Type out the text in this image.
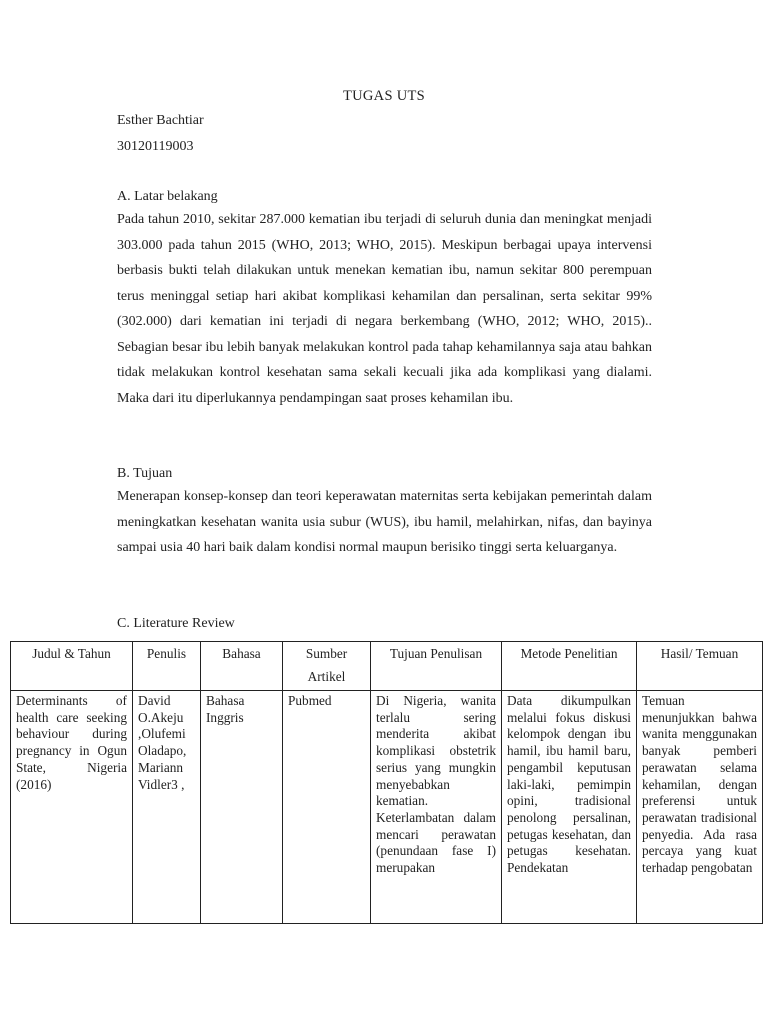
TUGAS UTS
Esther Bachtiar
30120119003
A. Latar belakang

Pada tahun 2010, sekitar 287.000 kematian ibu terjadi di seluruh dunia dan meningkat menjadi 303.000 pada tahun 2015 (WHO, 2013; WHO, 2015). Meskipun berbagai upaya intervensi berbasis bukti telah dilakukan untuk menekan kematian ibu, namun sekitar 800 perempuan terus meninggal setiap hari akibat komplikasi kehamilan dan persalinan, serta sekitar 99% (302.000) dari kematian ini terjadi di negara berkembang (WHO, 2012; WHO, 2015).. Sebagian besar ibu lebih banyak melakukan kontrol pada tahap kehamilannya saja atau bahkan tidak melakukan kontrol kesehatan sama sekali kecuali jika ada komplikasi yang dialami. Maka dari itu diperlukannya pendampingan saat proses kehamilan ibu.

B. Tujuan

Menerapan konsep-konsep dan teori keperawatan maternitas serta kebijakan pemerintah dalam meningkatkan kesehatan wanita usia subur (WUS), ibu hamil, melahirkan, nifas, dan bayinya sampai usia 40 hari baik dalam kondisi normal maupun berisiko tinggi serta keluarganya.

C. Literature Review
Judul & Tahun	Penulis	Bahasa	Sumber Artikel	Tujuan Penulisan	Metode Penelitian	Hasil/ Temuan

Determinants of health care seeking behaviour during pregnancy in Ogun State, Nigeria (2016)	David O.Akeju ,Olufemi Oladapo, Mariann Vidler3 ,	Bahasa Inggris	Pubmed	Di Nigeria, wanita terlalu sering menderita akibat komplikasi obstetrik serius yang mungkin menyebabkan kematian. Keterlambatan dalam mencari perawatan (penundaan fase I) merupakan	Data dikumpulkan melalui fokus diskusi kelompok dengan ibu hamil, ibu hamil baru, pengambil keputusan laki-laki, pemimpin opini, tradisional penolong persalinan, petugas kesehatan, dan petugas kesehatan. Pendekatan	Temuan menunjukkan bahwa wanita menggunakan banyak pemberi perawatan selama kehamilan, dengan preferensi untuk perawatan tradisional penyedia. Ada rasa percaya yang kuat terhadap pengobatan
